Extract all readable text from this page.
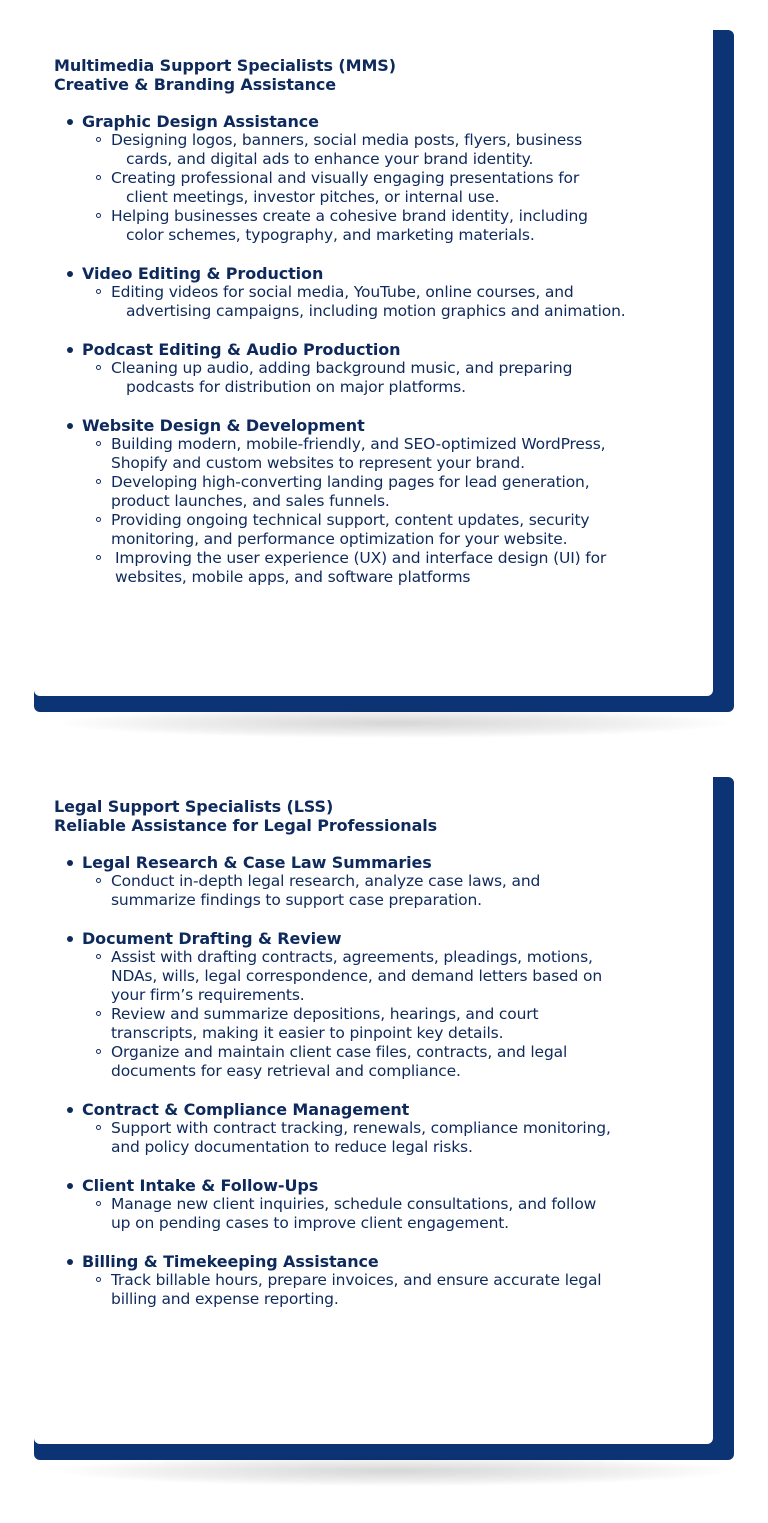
Multimedia Support Specialists (MMS)
Creative & Branding Assistance
Graphic Design Assistance
Designing logos, banners, social media posts, flyers, business
cards, and digital ads to enhance your brand identity.
Creating professional and visually engaging presentations for
client meetings, investor pitches, or internal use.
Helping businesses create a cohesive brand identity, including
color schemes, typography, and marketing materials.
Video Editing & Production
Editing videos for social media, YouTube, online courses, and
advertising campaigns, including motion graphics and animation.
Podcast Editing & Audio Production
Cleaning up audio, adding background music, and preparing
podcasts for distribution on major platforms.
Website Design & Development
Building modern, mobile-friendly, and SEO-optimized WordPress,
Shopify and custom websites to represent your brand.
Developing high-converting landing pages for lead generation,
product launches, and sales funnels.
Providing ongoing technical support, content updates, security
monitoring, and performance optimization for your website.
Improving the user experience (UX) and interface design (UI) for
websites, mobile apps, and software platforms
Legal Support Specialists (LSS)
Reliable Assistance for Legal Professionals
Legal Research & Case Law Summaries
Conduct in-depth legal research, analyze case laws, and
summarize findings to support case preparation.
Document Drafting & Review
Assist with drafting contracts, agreements, pleadings, motions,
NDAs, wills, legal correspondence, and demand letters based on
your firm’s requirements.
Review and summarize depositions, hearings, and court
transcripts, making it easier to pinpoint key details.
Organize and maintain client case files, contracts, and legal
documents for easy retrieval and compliance.
Contract & Compliance Management
Support with contract tracking, renewals, compliance monitoring,
and policy documentation to reduce legal risks.
Client Intake & Follow-Ups
Manage new client inquiries, schedule consultations, and follow
up on pending cases to improve client engagement.
Billing & Timekeeping Assistance
Track billable hours, prepare invoices, and ensure accurate legal
billing and expense reporting.
